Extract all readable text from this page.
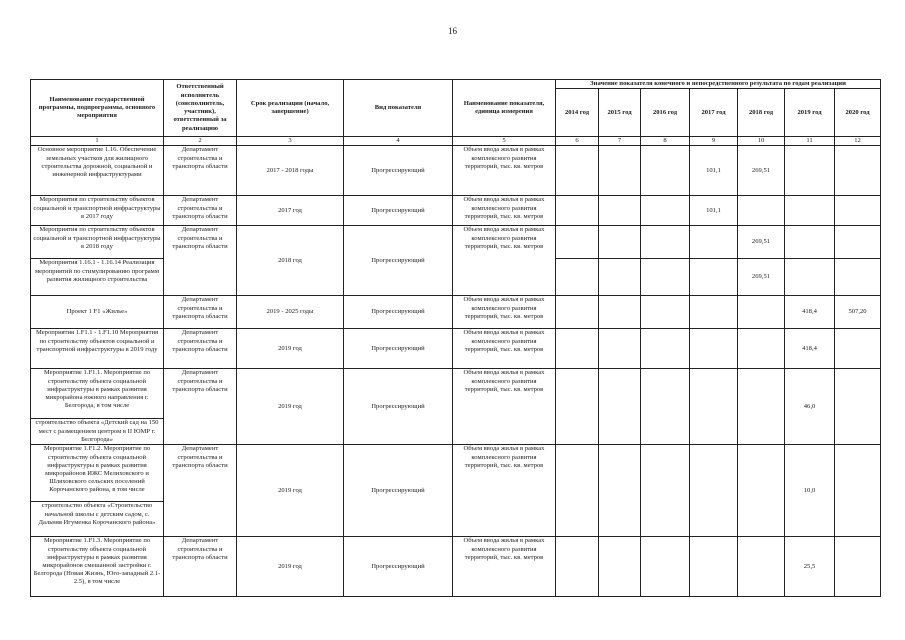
16
Наименование государственной программы, подпрограммы, основного мероприятия	Ответственный исполнитель (соисполнитель, участник), ответственный за реализацию	Срок реализации (начало, завершение)	Вид показателя	Наименование показателя, единица измерения	Значение показателя конечного и непосредственного результата по годам реализации						
					2014 год	2015 год	2016 год	2017 год	2018 год	2019 год	2020 год
1	2	3	4	5	6	7	8	9	10	11	12
Основное мероприятие 1.16. Обеспечение земельных участков для жилищного строительства дорожной, социальной и инженерной инфраструктурами	Департамент строительства и транспорта области	2017 - 2018 годы	Прогрессирующий	Объем ввода жилья в рамках комплексного развития территорий, тыс. кв. метров				101,1	269,51		
Мероприятия по строительству объектов социальной и транспортной инфраструктуры в 2017 году	Департамент строительства и транспорта области	2017 год	Прогрессирующий	Объем ввода жилья в рамках комплексного развития территорий, тыс. кв. метров				101,1			
Мероприятия по строительству объектов социальной и транспортной инфраструктуры в 2018 году	Департамент строительства и транспорта области	2018 год	Прогрессирующий	Объем ввода жилья в рамках комплексного развития территорий, тыс. кв. метров					269,51		
Мероприятия 1.16.1 - 1.16.14 Реализация мероприятий по стимулированию программ развития жилищного строительства									269,51		
Проект 1 F1 «Жилье»	Департамент строительства и транспорта области	2019 - 2025 годы	Прогрессирующий	Объем ввода жилья в рамках комплексного развития территорий, тыс. кв. метров						418,4	507,20
Мероприятия 1.F1.1 - 1.F1.10 Мероприятия по строительству объектов социальной и транспортной инфраструктуры в 2019 году	Департамент строительства и транспорта области	2019 год	Прогрессирующий	Объем ввода жилья в рамках комплексного развития территорий, тыс. кв. метров						418,4	
Мероприятие 1.F1.1. Мероприятие по строительству объекта социальной инфраструктуры в рамках развития микрорайона южного направления г. Белгорода, в том числе	Департамент строительства и транспорта области	2019 год	Прогрессирующий	Объем ввода жилья в рамках комплексного развития территорий, тыс. кв. метров						46,0	
строительство объекта «Детский сад на 150 мест с размещением центром в II ЮМР г. Белгорода»											
Мероприятие 1.F1.2. Мероприятие по строительству объекта социальной инфраструктуры в рамках развития микрорайонов ИЖС Мелиховского и Шляховского сельских поселений Корочанского района, в том числе	Департамент строительства и транспорта области	2019 год	Прогрессирующий	Объем ввода жилья в рамках комплексного развития территорий, тыс. кв. метров						10,0	
строительство объекта «Строительство начальной школы с детским садом, с. Дальняя Игуменка Корочанского района»											
Мероприятие 1.F1.3. Мероприятие по строительству объекта социальной инфраструктуры в рамках развития микрорайонов смешанной застройки г. Белгорода (Новая Жизнь, Юго-западный 2.1-2.5), в том числе	Департамент строительства и транспорта области	2019 год	Прогрессирующий	Объем ввода жилья в рамках комплексного развития территорий, тыс. кв. метров						25,5	
